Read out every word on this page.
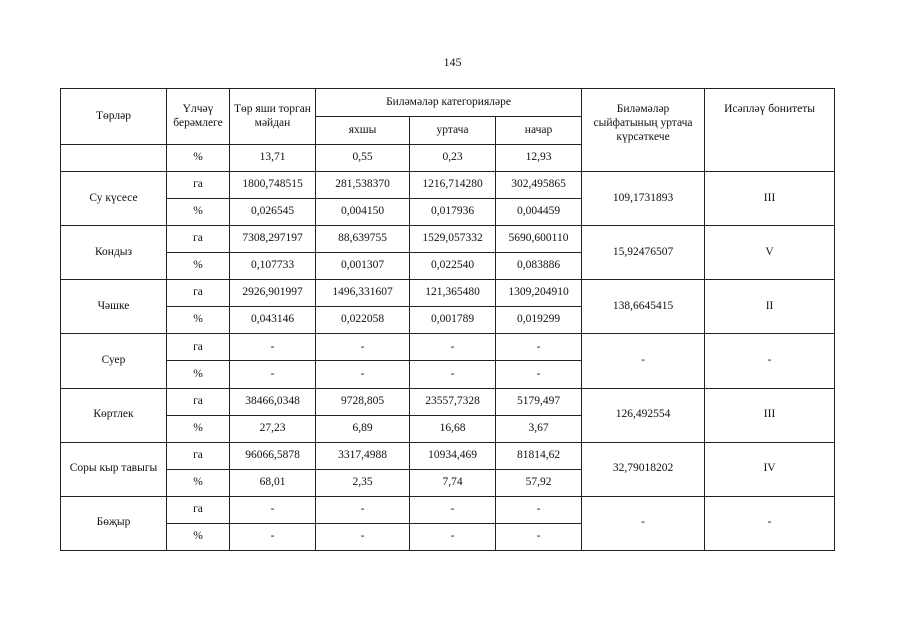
145
Төрләр	Үлчәү берәмлеге	Төр яши торган мәйдан	Биләмәләр категорияләре			Биләмәләр сыйфатының уртача күрсәткече	Исәпләү бонитеты
			яхшы	уртача	начар		
	%	13,71	0,55	0,23	12,93		
Су күсесе	га	1800,748515	281,538370	1216,714280	302,495865	109,1731893	III
	%	0,026545	0,004150	0,017936	0,004459		
Кондыз	га	7308,297197	88,639755	1529,057332	5690,600110	15,92476507	V
	%	0,107733	0,001307	0,022540	0,083886		
Чәшке	га	2926,901997	1496,331607	121,365480	1309,204910	138,6645415	II
	%	0,043146	0,022058	0,001789	0,019299		
Суер	га	-	-	-	-	-	-
	%	-	-	-	-		
Көртлек	га	38466,0348	9728,805	23557,7328	5179,497	126,492554	III
	%	27,23	6,89	16,68	3,67		
Соры кыр тавыгы	га	96066,5878	3317,4988	10934,469	81814,62	32,79018202	IV
	%	68,01	2,35	7,74	57,92		
Бөҗыр	га	-	-	-	-	-	-
	%	-	-	-	-		
